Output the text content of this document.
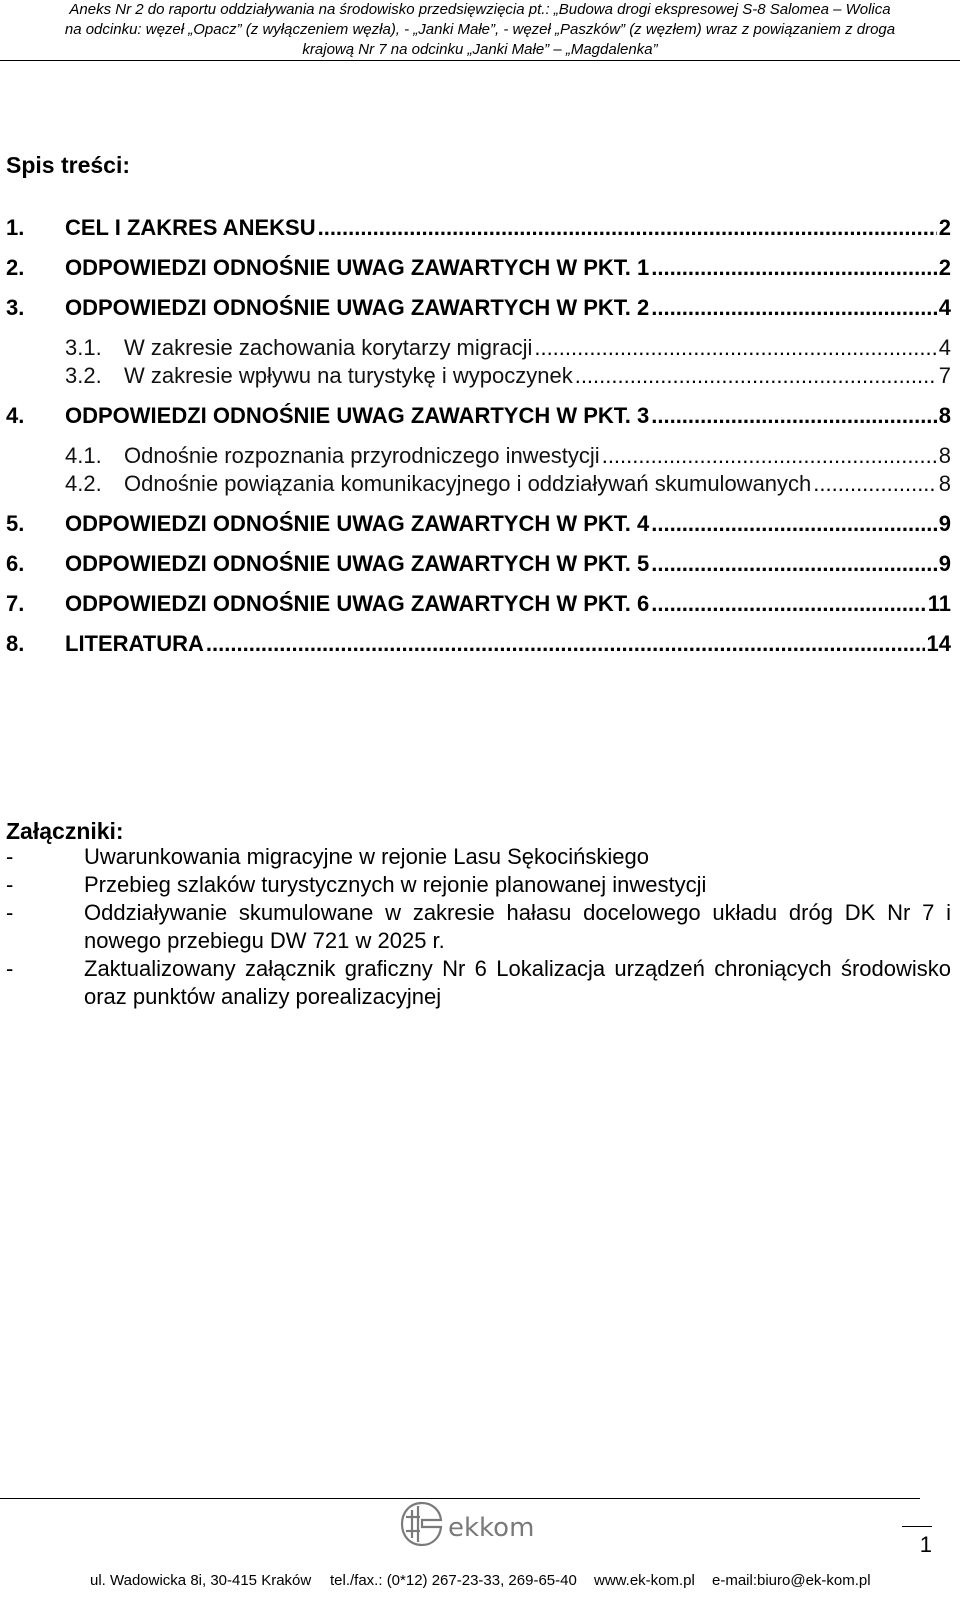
Aneks Nr 2 do raportu oddziaływania na środowisko przedsięwzięcia pt.: „Budowa drogi ekspresowej S-8 Salomea – Wolica
na odcinku: węzeł „Opacz” (z wyłączeniem węzła), - „Janki Małe”, - węzeł „Paszków” (z węzłem) wraz z powiązaniem z droga
krajową Nr 7 na odcinku „Janki Małe” – „Magdalenka”
Spis treści:
1.	CEL I ZAKRES ANEKSU .....	2
2.	ODPOWIEDZI ODNOŚNIE UWAG ZAWARTYCH W PKT. 1 .....	2
3.	ODPOWIEDZI ODNOŚNIE UWAG ZAWARTYCH W PKT. 2 .....	4
3.1.	W zakresie zachowania korytarzy migracji .....	4
3.2.	W zakresie wpływu na turystykę i wypoczynek .....	7
4.	ODPOWIEDZI ODNOŚNIE UWAG ZAWARTYCH W PKT. 3 .....	8
4.1.	Odnośnie rozpoznania przyrodniczego inwestycji .....	8
4.2.	Odnośnie powiązania komunikacyjnego i oddziaływań skumulowanych .....	8
5.	ODPOWIEDZI ODNOŚNIE UWAG ZAWARTYCH W PKT. 4 .....	9
6.	ODPOWIEDZI ODNOŚNIE UWAG ZAWARTYCH W PKT. 5 .....	9
7.	ODPOWIEDZI ODNOŚNIE UWAG ZAWARTYCH W PKT. 6 .....	11
8.	LITERATURA .....	14
Załączniki:
-	Uwarunkowania migracyjne w rejonie Lasu Sękocińskiego
-	Przebieg szlaków turystycznych w rejonie planowanej inwestycji
-	Oddziaływanie skumulowane w zakresie hałasu docelowego układu dróg DK Nr 7 i nowego przebiegu DW 721 w 2025 r.
-	Zaktualizowany załącznik graficzny Nr 6 Lokalizacja urządzeń chroniących środowisko oraz punktów analizy porealizacyjnej
ekkom
1
ul. Wadowicka 8i, 30-415 Kraków tel./fax.: (0*12) 267-23-33, 269-65-40 www.ek-kom.pl e-mail:biuro@ek-kom.pl
